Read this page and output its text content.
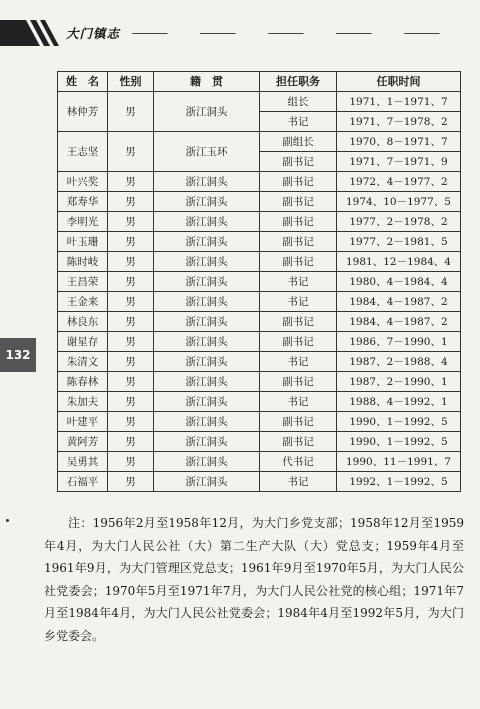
大门镇志
132
姓　名	性别	籍　贯	担任职务	任职时间
林仲芳	男	浙江洞头	组长	1971、1－1971、7
			书记	1971、7－1978、2
王志坚	男	浙江玉环	副组长	1970、8－1971、7
			副书记	1971、7－1971、9
叶兴奖	男	浙江洞头	副书记	1972、4－1977、2
郑寿华	男	浙江洞头	副书记	1974、10－1977、5
李明光	男	浙江洞头	副书记	1977、2－1978、2
叶玉珊	男	浙江洞头	副书记	1977、2－1981、5
陈时岐	男	浙江洞头	副书记	1981、12－1984、4
王昌荣	男	浙江洞头	书记	1980、4－1984、4
王金来	男	浙江洞头	书记	1984、4－1987、2
林良东	男	浙江洞头	副书记	1984、4－1987、2
谢星存	男	浙江洞头	副书记	1986、7－1990、1
朱清文	男	浙江洞头	书记	1987、2－1988、4
陈春林	男	浙江洞头	副书记	1987、2－1990、1
朱加夫	男	浙江洞头	书记	1988、4－1992、1
叶建平	男	浙江洞头	副书记	1990、1－1992、5
黄阿芳	男	浙江洞头	副书记	1990、1－1992、5
吴勇其	男	浙江洞头	代书记	1990、11－1991、7
石福平	男	浙江洞头	书记	1992、1－1992、5

注：1956年2月至1958年12月，为大门乡党支部；1958年12月至1959年4月，为大门人民公社（大）第二生产大队（大）党总支；1959年4月至1961年9月，为大门管理区党总支；1961年9月至1970年5月，为大门人民公社党委会；1970年5月至1971年7月，为大门人民公社党的核心组；1971年7月至1984年4月，为大门人民公社党委会；1984年4月至1992年5月，为大门乡党委会。
